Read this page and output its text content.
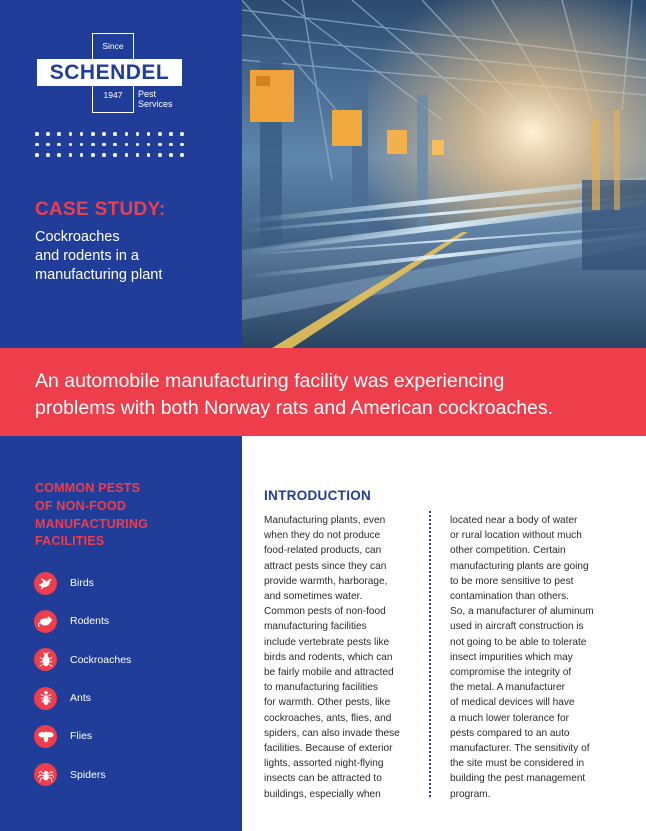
Since
SCHENDEL
1947	Pest
Services
CASE STUDY:
Cockroaches
and rodents in a
manufacturing plant
An automobile manufacturing facility was experiencing
problems with both Norway rats and American cockroaches.
COMMON PESTS
OF NON-FOOD
MANUFACTURING
FACILITIES
Birds
Rodents
Cockroaches
Ants
Flies
Spiders
INTRODUCTION
Manufacturing plants, even
when they do not produce
food-related products, can
attract pests since they can
provide warmth, harborage,
and sometimes water.
Common pests of non-food
manufacturing facilities
include vertebrate pests like
birds and rodents, which can
be fairly mobile and attracted
to manufacturing facilities
for warmth. Other pests, like
cockroaches, ants, flies, and
spiders, can also invade these
facilities. Because of exterior
lights, assorted night-flying
insects can be attracted to
buildings, especially when
located near a body of water
or rural location without much
other competition. Certain
manufacturing plants are going
to be more sensitive to pest
contamination than others.
So, a manufacturer of aluminum
used in aircraft construction is
not going to be able to tolerate
insect impurities which may
compromise the integrity of
the metal. A manufacturer
of medical devices will have
a much lower tolerance for
pests compared to an auto
manufacturer. The sensitivity of
the site must be considered in
building the pest management
program.
